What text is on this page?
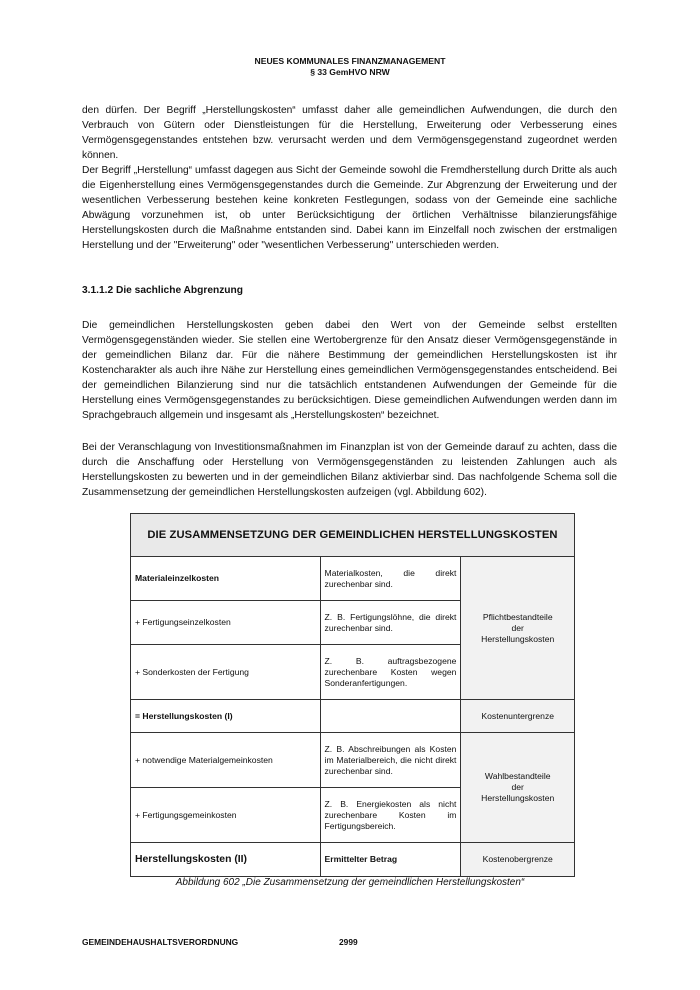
NEUES KOMMUNALES FINANZMANAGEMENT
§ 33 GemHVO NRW

den dürfen. Der Begriff „Herstellungskosten“ umfasst daher alle gemeindlichen Aufwendungen, die durch den Verbrauch von Gütern oder Dienstleistungen für die Herstellung, Erweiterung oder Verbesserung eines Vermögensgegenstandes entstehen bzw. verursacht werden und dem Vermögensgegenstand zugeordnet werden können.

Der Begriff „Herstellung“ umfasst dagegen aus Sicht der Gemeinde sowohl die Fremdherstellung durch Dritte als auch die Eigenherstellung eines Vermögensgegenstandes durch die Gemeinde. Zur Abgrenzung der Erweiterung und der wesentlichen Verbesserung bestehen keine konkreten Festlegungen, sodass von der Gemeinde eine sachliche Abwägung vorzunehmen ist, ob unter Berücksichtigung der örtlichen Verhältnisse bilanzierungsfähige Herstellungskosten durch die Maßnahme entstanden sind. Dabei kann im Einzelfall noch zwischen der erstmaligen Herstellung und der "Erweiterung" oder "wesentlichen Verbesserung" unterschieden werden.

3.1.1.2 Die sachliche Abgrenzung

Die gemeindlichen Herstellungskosten geben dabei den Wert von der Gemeinde selbst erstellten Vermögensgegenständen wieder. Sie stellen eine Wertobergrenze für den Ansatz dieser Vermögensgegenstände in der gemeindlichen Bilanz dar. Für die nähere Bestimmung der gemeindlichen Herstellungskosten ist ihr Kostencharakter als auch ihre Nähe zur Herstellung eines gemeindlichen Vermögensgegenstandes entscheidend. Bei der gemeindlichen Bilanzierung sind nur die tatsächlich entstandenen Aufwendungen der Gemeinde für die Herstellung eines Vermögensgegenstandes zu berücksichtigen. Diese gemeindlichen Aufwendungen werden dann im Sprachgebrauch allgemein und insgesamt als „Herstellungskosten“ bezeichnet.

Bei der Veranschlagung von Investitionsmaßnahmen im Finanzplan ist von der Gemeinde darauf zu achten, dass die durch die Anschaffung oder Herstellung von Vermögensgegenständen zu leistenden Zahlungen auch als Herstellungskosten zu bewerten und in der gemeindlichen Bilanz aktivierbar sind. Das nachfolgende Schema soll die Zusammensetzung der gemeindlichen Herstellungskosten aufzeigen (vgl. Abbildung 602).

DIE ZUSAMMENSETZUNG DER GEMEINDLICHEN HERSTELLUNGSKOSTEN		
Materialeinzelkosten	Materialkosten, die direkt zurechenbar sind.	Pflichtbestandteile
der
Herstellungskosten

+ Fertigungseinzelkosten	Z. B. Fertigungslöhne, die direkt zurechenbar sind.	
+ Sonderkosten der Fertigung	Z. B. auftragsbezogene zurechenbare Kosten wegen Sonderanfertigungen.	
= Herstellungskosten (I)		Kostenuntergrenze
+ notwendige Materialgemeinkosten	Z. B. Abschreibungen als Kosten im Materialbereich, die nicht direkt zurechenbar sind.	Wahlbestandteile
der
Herstellungskosten

+ Fertigungsgemeinkosten	Z. B. Energiekosten als nicht zurechenbare Kosten im Fertigungsbereich.	
Herstellungskosten (II)	Ermittelter Betrag	Kostenobergrenze
Abbildung 602 „Die Zusammensetzung der gemeindlichen Herstellungskosten“
GEMEINDEHAUSHALTSVERORDNUNG	2999
